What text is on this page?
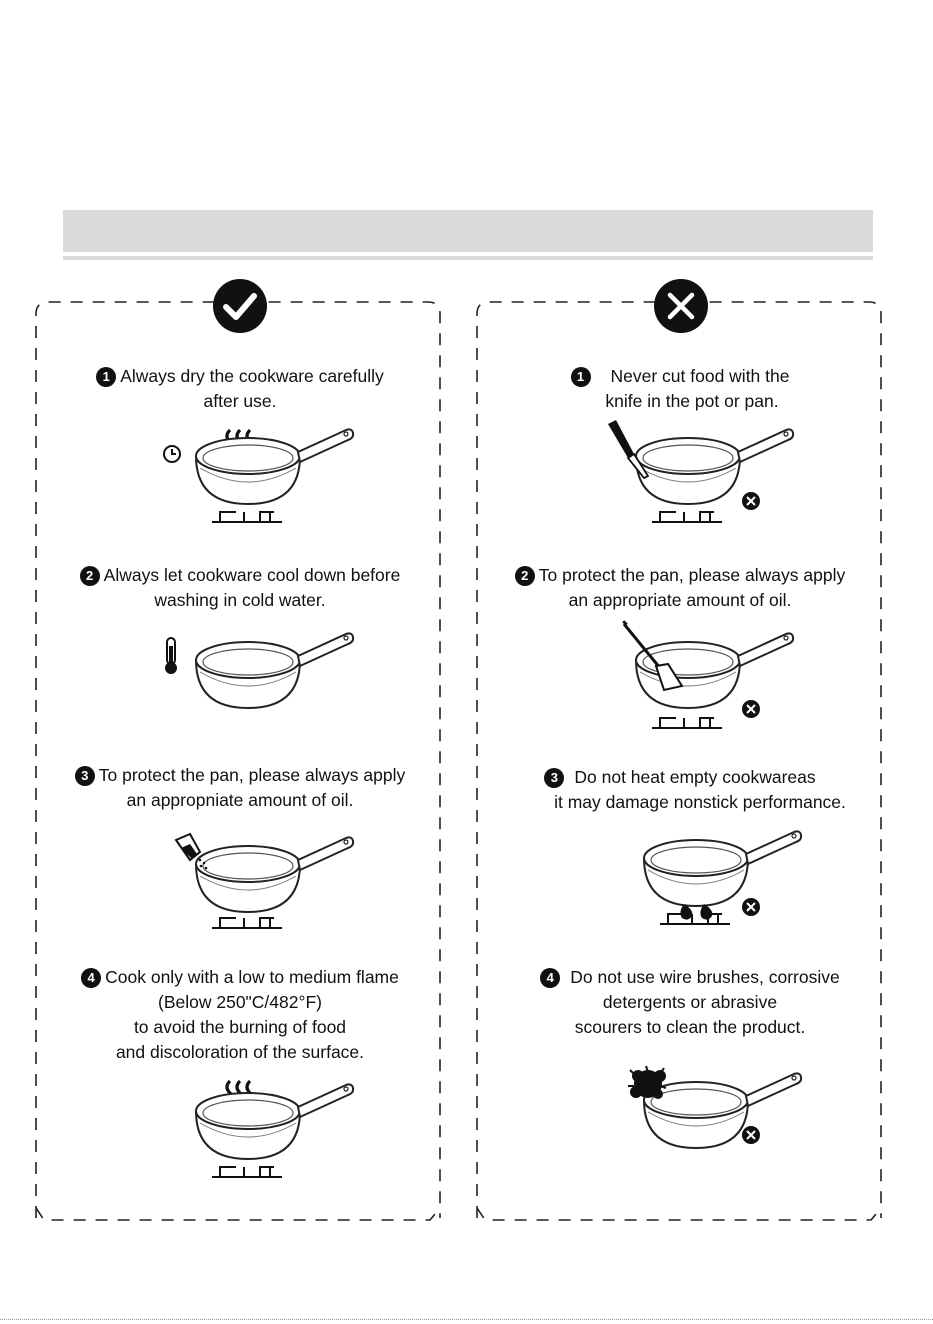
1 Always dry the cookware carefully
after use.
2 Always let cookware cool down before
washing in cold water.
3 To protect the pan, please always apply
an appropniate amount of oil.
4 Cook only with a low to medium flame
(Below 250"C/482°F)
to avoid the burning of food
and discoloration of the surface.
1 Never cut food with the
knife in the pot or pan.
2 To protect the pan, please always apply
an appropriate amount of oil.
3 Do not heat empty cookwareas
it may damage nonstick performance.
4 Do not use wire brushes, corrosive
detergents or abrasive
scourers to clean the product.
